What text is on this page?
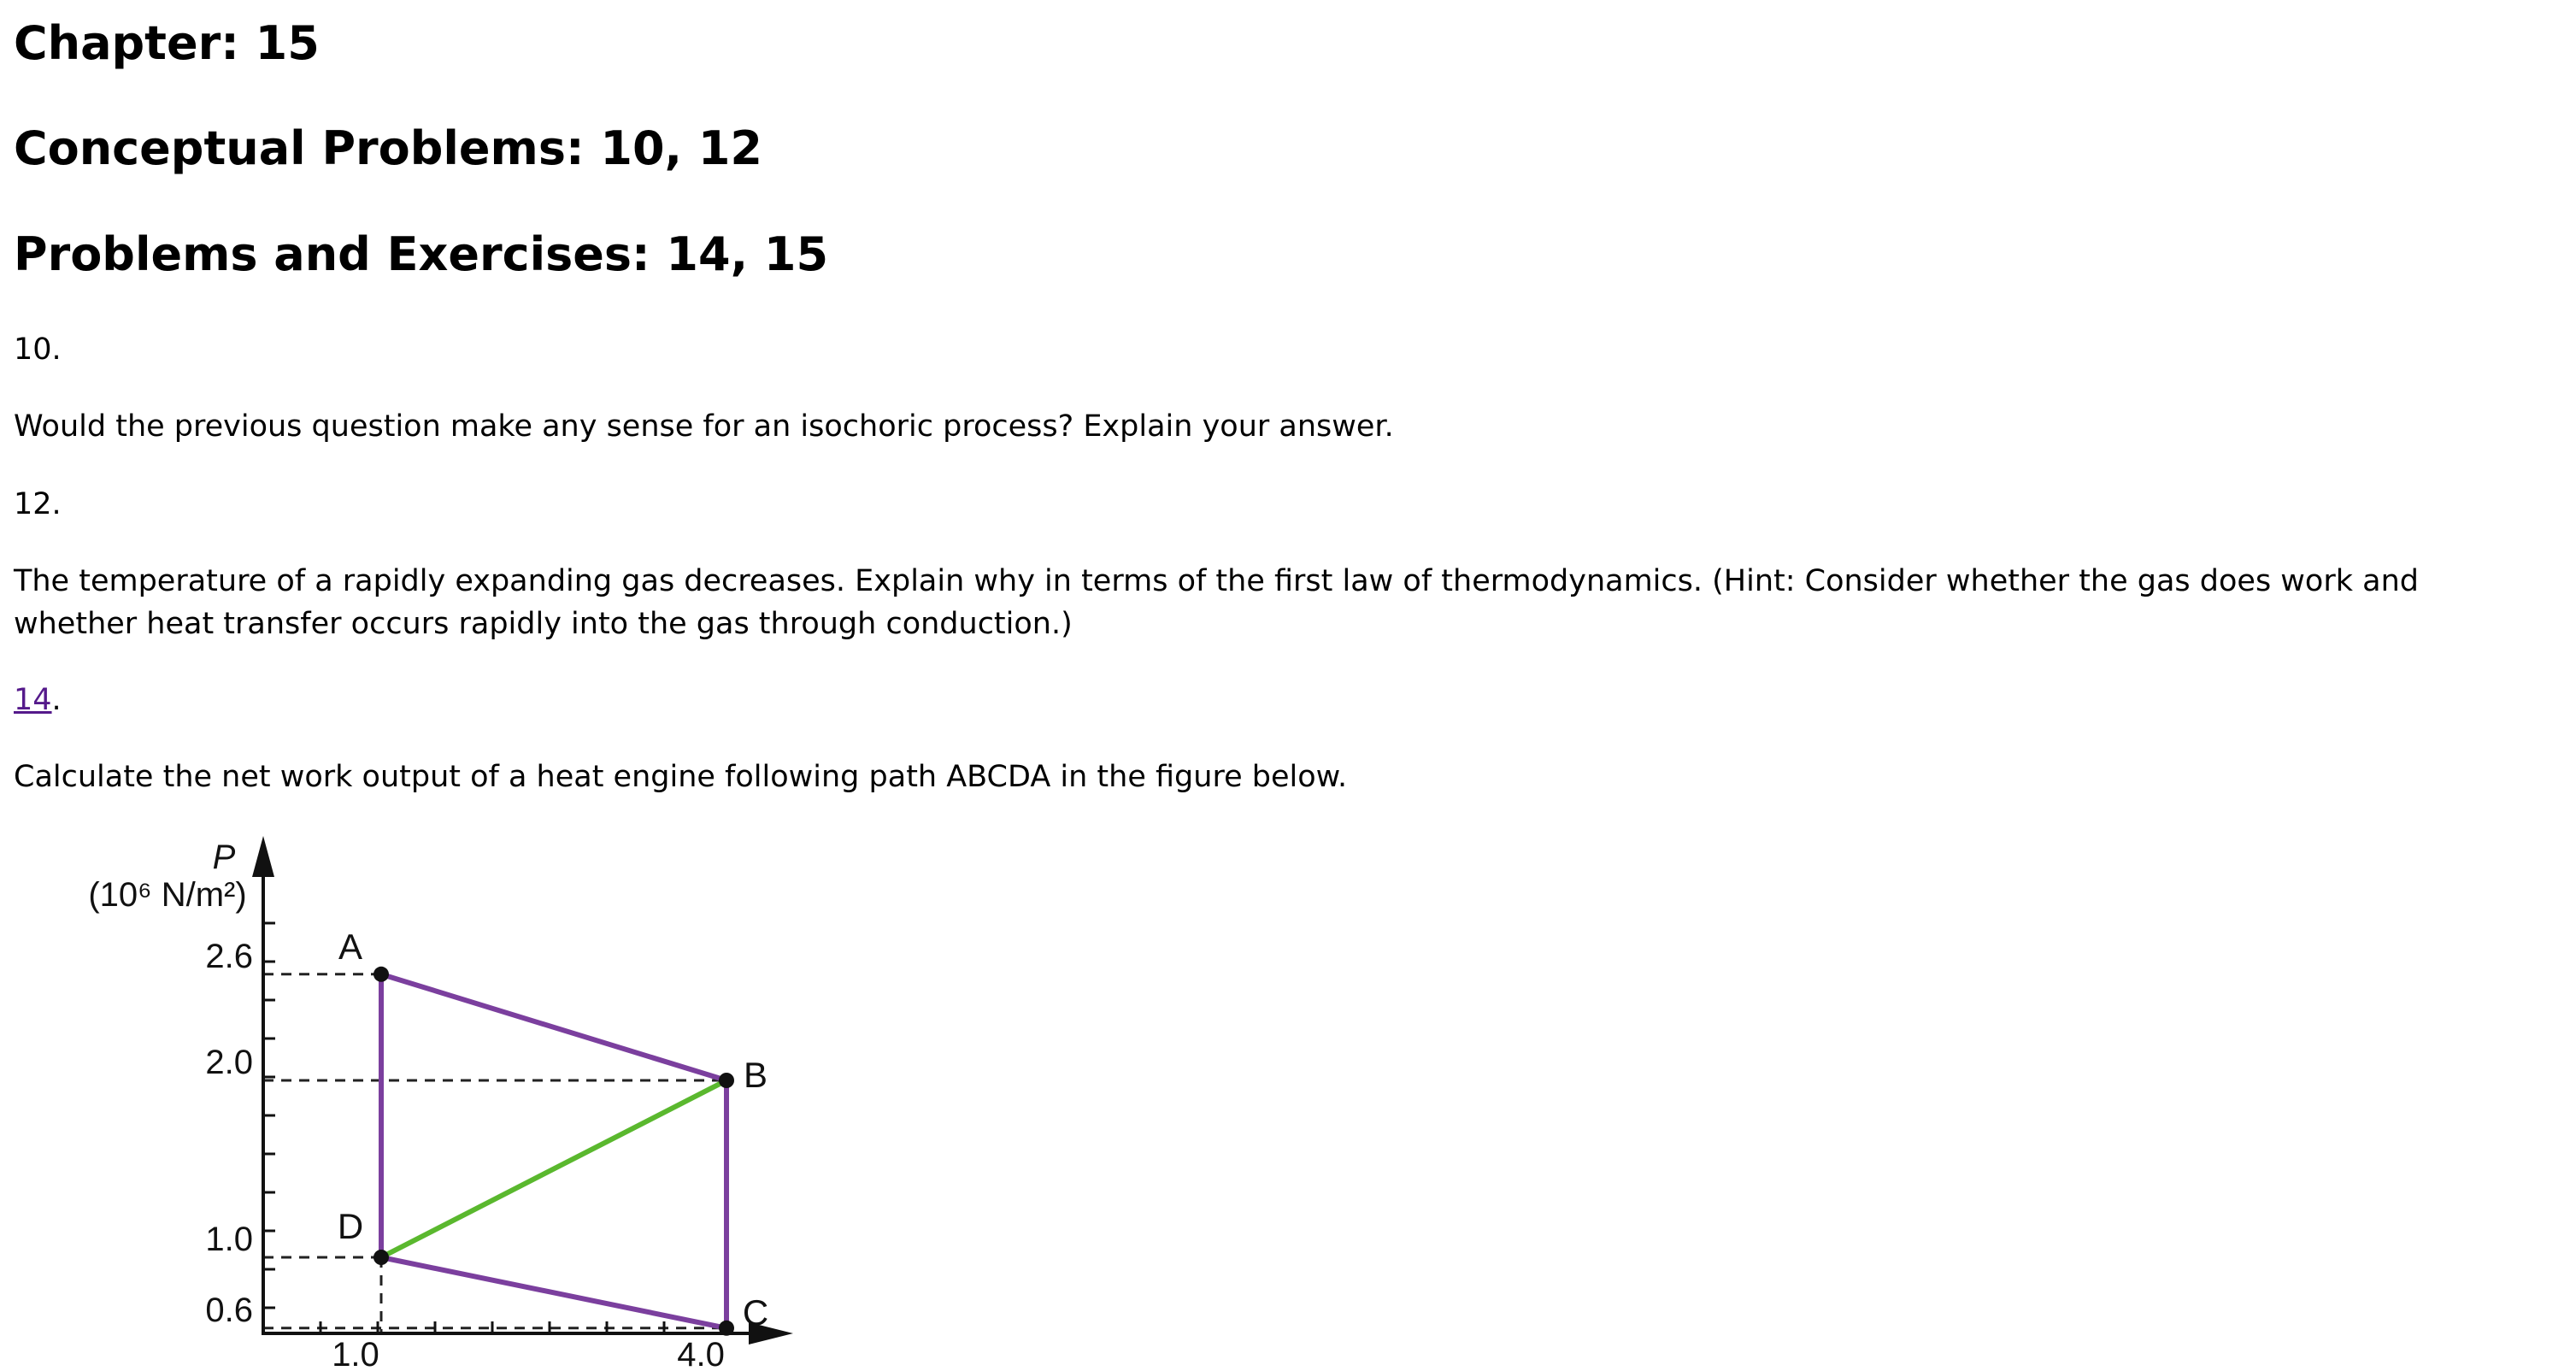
Chapter: 15
Conceptual Problems: 10, 12
Problems and Exercises: 14, 15

10.

Would the previous question make any sense for an isochoric process? Explain your answer.

12.

The temperature of a rapidly expanding gas decreases. Explain why in terms of the first law of thermodynamics. (Hint: Consider whether the gas does work and whether heat transfer occurs rapidly into the gas through conduction.)

14.

Calculate the net work output of a heat engine following path ABCDA in the figure below.

P
(10⁶ N/m²)
2.6
2.0
1.0
0.6
1.0	4.0
A
B
C
D
